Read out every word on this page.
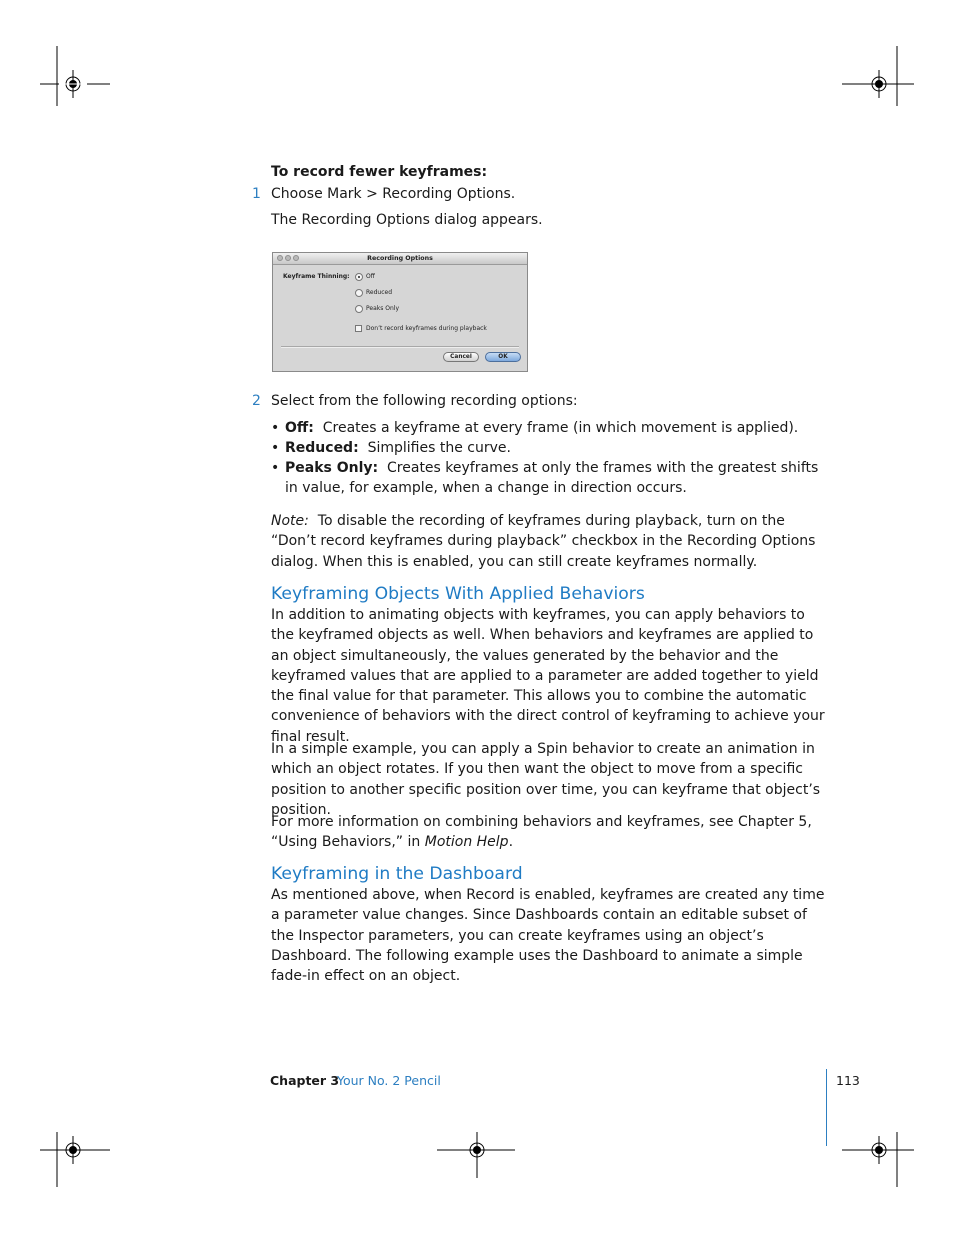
To record fewer keyframes:
1 Choose Mark > Recording Options.
The Recording Options dialog appears.
Recording Options
Keyframe Thinning:	Off
Reduced
Peaks Only
Don’t record keyframes during playback
Cancel	OK
2 Select from the following recording options:
• Off: Creates a keyframe at every frame (in which movement is applied).
• Reduced: Simplifies the curve.
• Peaks Only: Creates keyframes at only the frames with the greatest shifts in value, for example, when a change in direction occurs.
Note: To disable the recording of keyframes during playback, turn on the “Don’t record keyframes during playback” checkbox in the Recording Options dialog. When this is enabled, you can still create keyframes normally.
Keyframing Objects With Applied Behaviors
In addition to animating objects with keyframes, you can apply behaviors to the keyframed objects as well. When behaviors and keyframes are applied to an object simultaneously, the values generated by the behavior and the keyframed values that are applied to a parameter are added together to yield the final value for that parameter. This allows you to combine the automatic convenience of behaviors with the direct control of keyframing to achieve your final result.
In a simple example, you can apply a Spin behavior to create an animation in which an object rotates. If you then want the object to move from a specific position to another specific position over time, you can keyframe that object’s position.
For more information on combining behaviors and keyframes, see Chapter 5, “Using Behaviors,” in Motion Help.
Keyframing in the Dashboard
As mentioned above, when Record is enabled, keyframes are created any time a parameter value changes. Since Dashboards contain an editable subset of the Inspector parameters, you can create keyframes using an object’s Dashboard. The following example uses the Dashboard to animate a simple fade-in effect on an object.
Chapter 3
Your No. 2 Pencil	113
